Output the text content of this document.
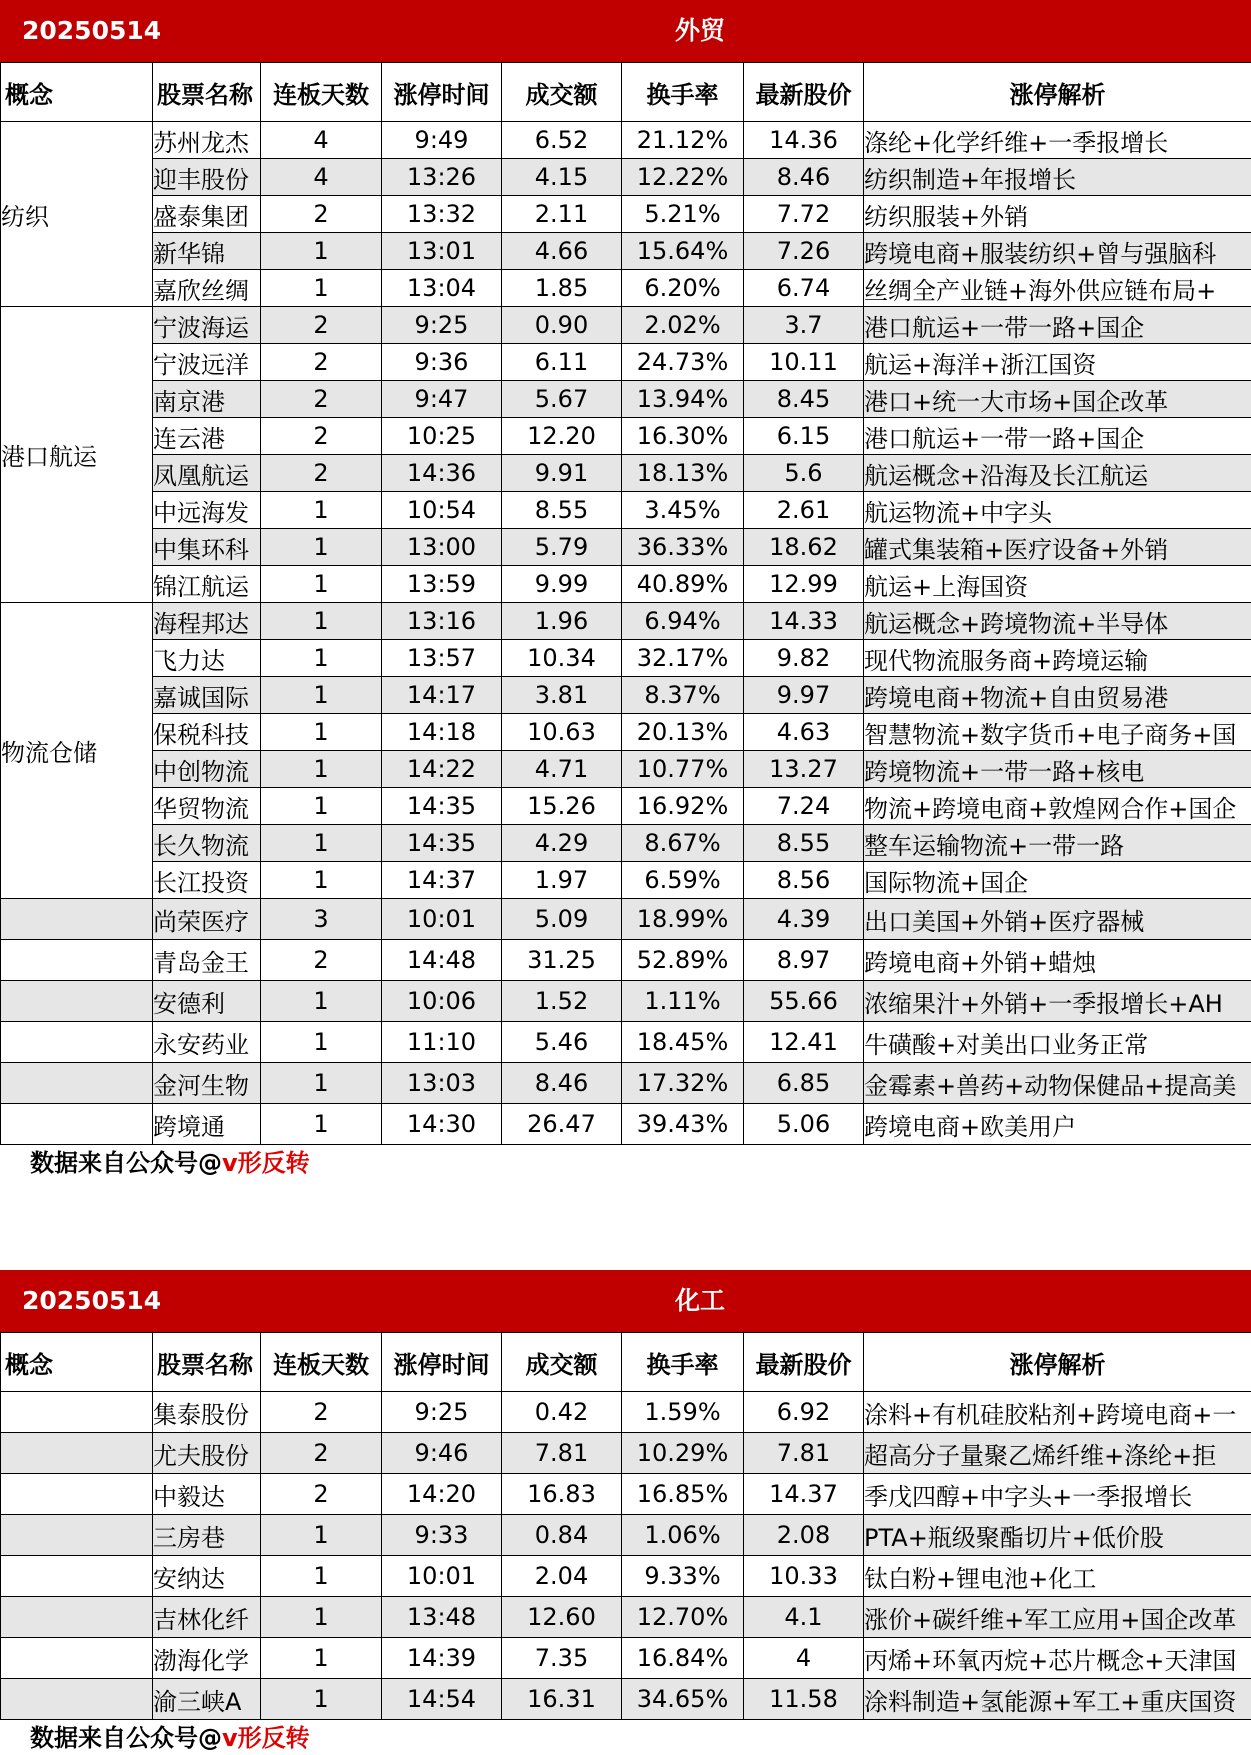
20250514	外贸
概念	股票名称	连板天数	涨停时间	成交额	换手率	最新股价	涨停解析
纺织	苏州龙杰	4	9:49	6.52	21.12%	14.36	涤纶+化学纤维+一季报增长
	迎丰股份	4	13:26	4.15	12.22%	8.46	纺织制造+年报增长
	盛泰集团	2	13:32	2.11	5.21%	7.72	纺织服装+外销
	新华锦	1	13:01	4.66	15.64%	7.26	跨境电商+服装纺织+曾与强脑科
	嘉欣丝绸	1	13:04	1.85	6.20%	6.74	丝绸全产业链+海外供应链布局+
港口航运	宁波海运	2	9:25	0.90	2.02%	3.7	港口航运+一带一路+国企
	宁波远洋	2	9:36	6.11	24.73%	10.11	航运+海洋+浙江国资
	南京港	2	9:47	5.67	13.94%	8.45	港口+统一大市场+国企改革
	连云港	2	10:25	12.20	16.30%	6.15	港口航运+一带一路+国企
	凤凰航运	2	14:36	9.91	18.13%	5.6	航运概念+沿海及长江航运
	中远海发	1	10:54	8.55	3.45%	2.61	航运物流+中字头
	中集环科	1	13:00	5.79	36.33%	18.62	罐式集装箱+医疗设备+外销
	锦江航运	1	13:59	9.99	40.89%	12.99	航运+上海国资
物流仓储	海程邦达	1	13:16	1.96	6.94%	14.33	航运概念+跨境物流+半导体
	飞力达	1	13:57	10.34	32.17%	9.82	现代物流服务商+跨境运输
	嘉诚国际	1	14:17	3.81	8.37%	9.97	跨境电商+物流+自由贸易港
	保税科技	1	14:18	10.63	20.13%	4.63	智慧物流+数字货币+电子商务+国
	中创物流	1	14:22	4.71	10.77%	13.27	跨境物流+一带一路+核电
	华贸物流	1	14:35	15.26	16.92%	7.24	物流+跨境电商+敦煌网合作+国企
	长久物流	1	14:35	4.29	8.67%	8.55	整车运输物流+一带一路
	长江投资	1	14:37	1.97	6.59%	8.56	国际物流+国企
	尚荣医疗	3	10:01	5.09	18.99%	4.39	出口美国+外销+医疗器械
	青岛金王	2	14:48	31.25	52.89%	8.97	跨境电商+外销+蜡烛
	安德利	1	10:06	1.52	1.11%	55.66	浓缩果汁+外销+一季报增长+AH
	永安药业	1	11:10	5.46	18.45%	12.41	牛磺酸+对美出口业务正常
	金河生物	1	13:03	8.46	17.32%	6.85	金霉素+兽药+动物保健品+提高美
	跨境通	1	14:30	26.47	39.43%	5.06	跨境电商+欧美用户
数据来自公众号@v形反转
20250514	化工
概念	股票名称	连板天数	涨停时间	成交额	换手率	最新股价	涨停解析
	集泰股份	2	9:25	0.42	1.59%	6.92	涂料+有机硅胶粘剂+跨境电商+一
	尤夫股份	2	9:46	7.81	10.29%	7.81	超高分子量聚乙烯纤维+涤纶+拒
	中毅达	2	14:20	16.83	16.85%	14.37	季戊四醇+中字头+一季报增长
	三房巷	1	9:33	0.84	1.06%	2.08	PTA+瓶级聚酯切片+低价股
	安纳达	1	10:01	2.04	9.33%	10.33	钛白粉+锂电池+化工
	吉林化纤	1	13:48	12.60	12.70%	4.1	涨价+碳纤维+军工应用+国企改革
	渤海化学	1	14:39	7.35	16.84%	4	丙烯+环氧丙烷+芯片概念+天津国
	渝三峡A	1	14:54	16.31	34.65%	11.58	涂料制造+氢能源+军工+重庆国资
数据来自公众号@v形反转
